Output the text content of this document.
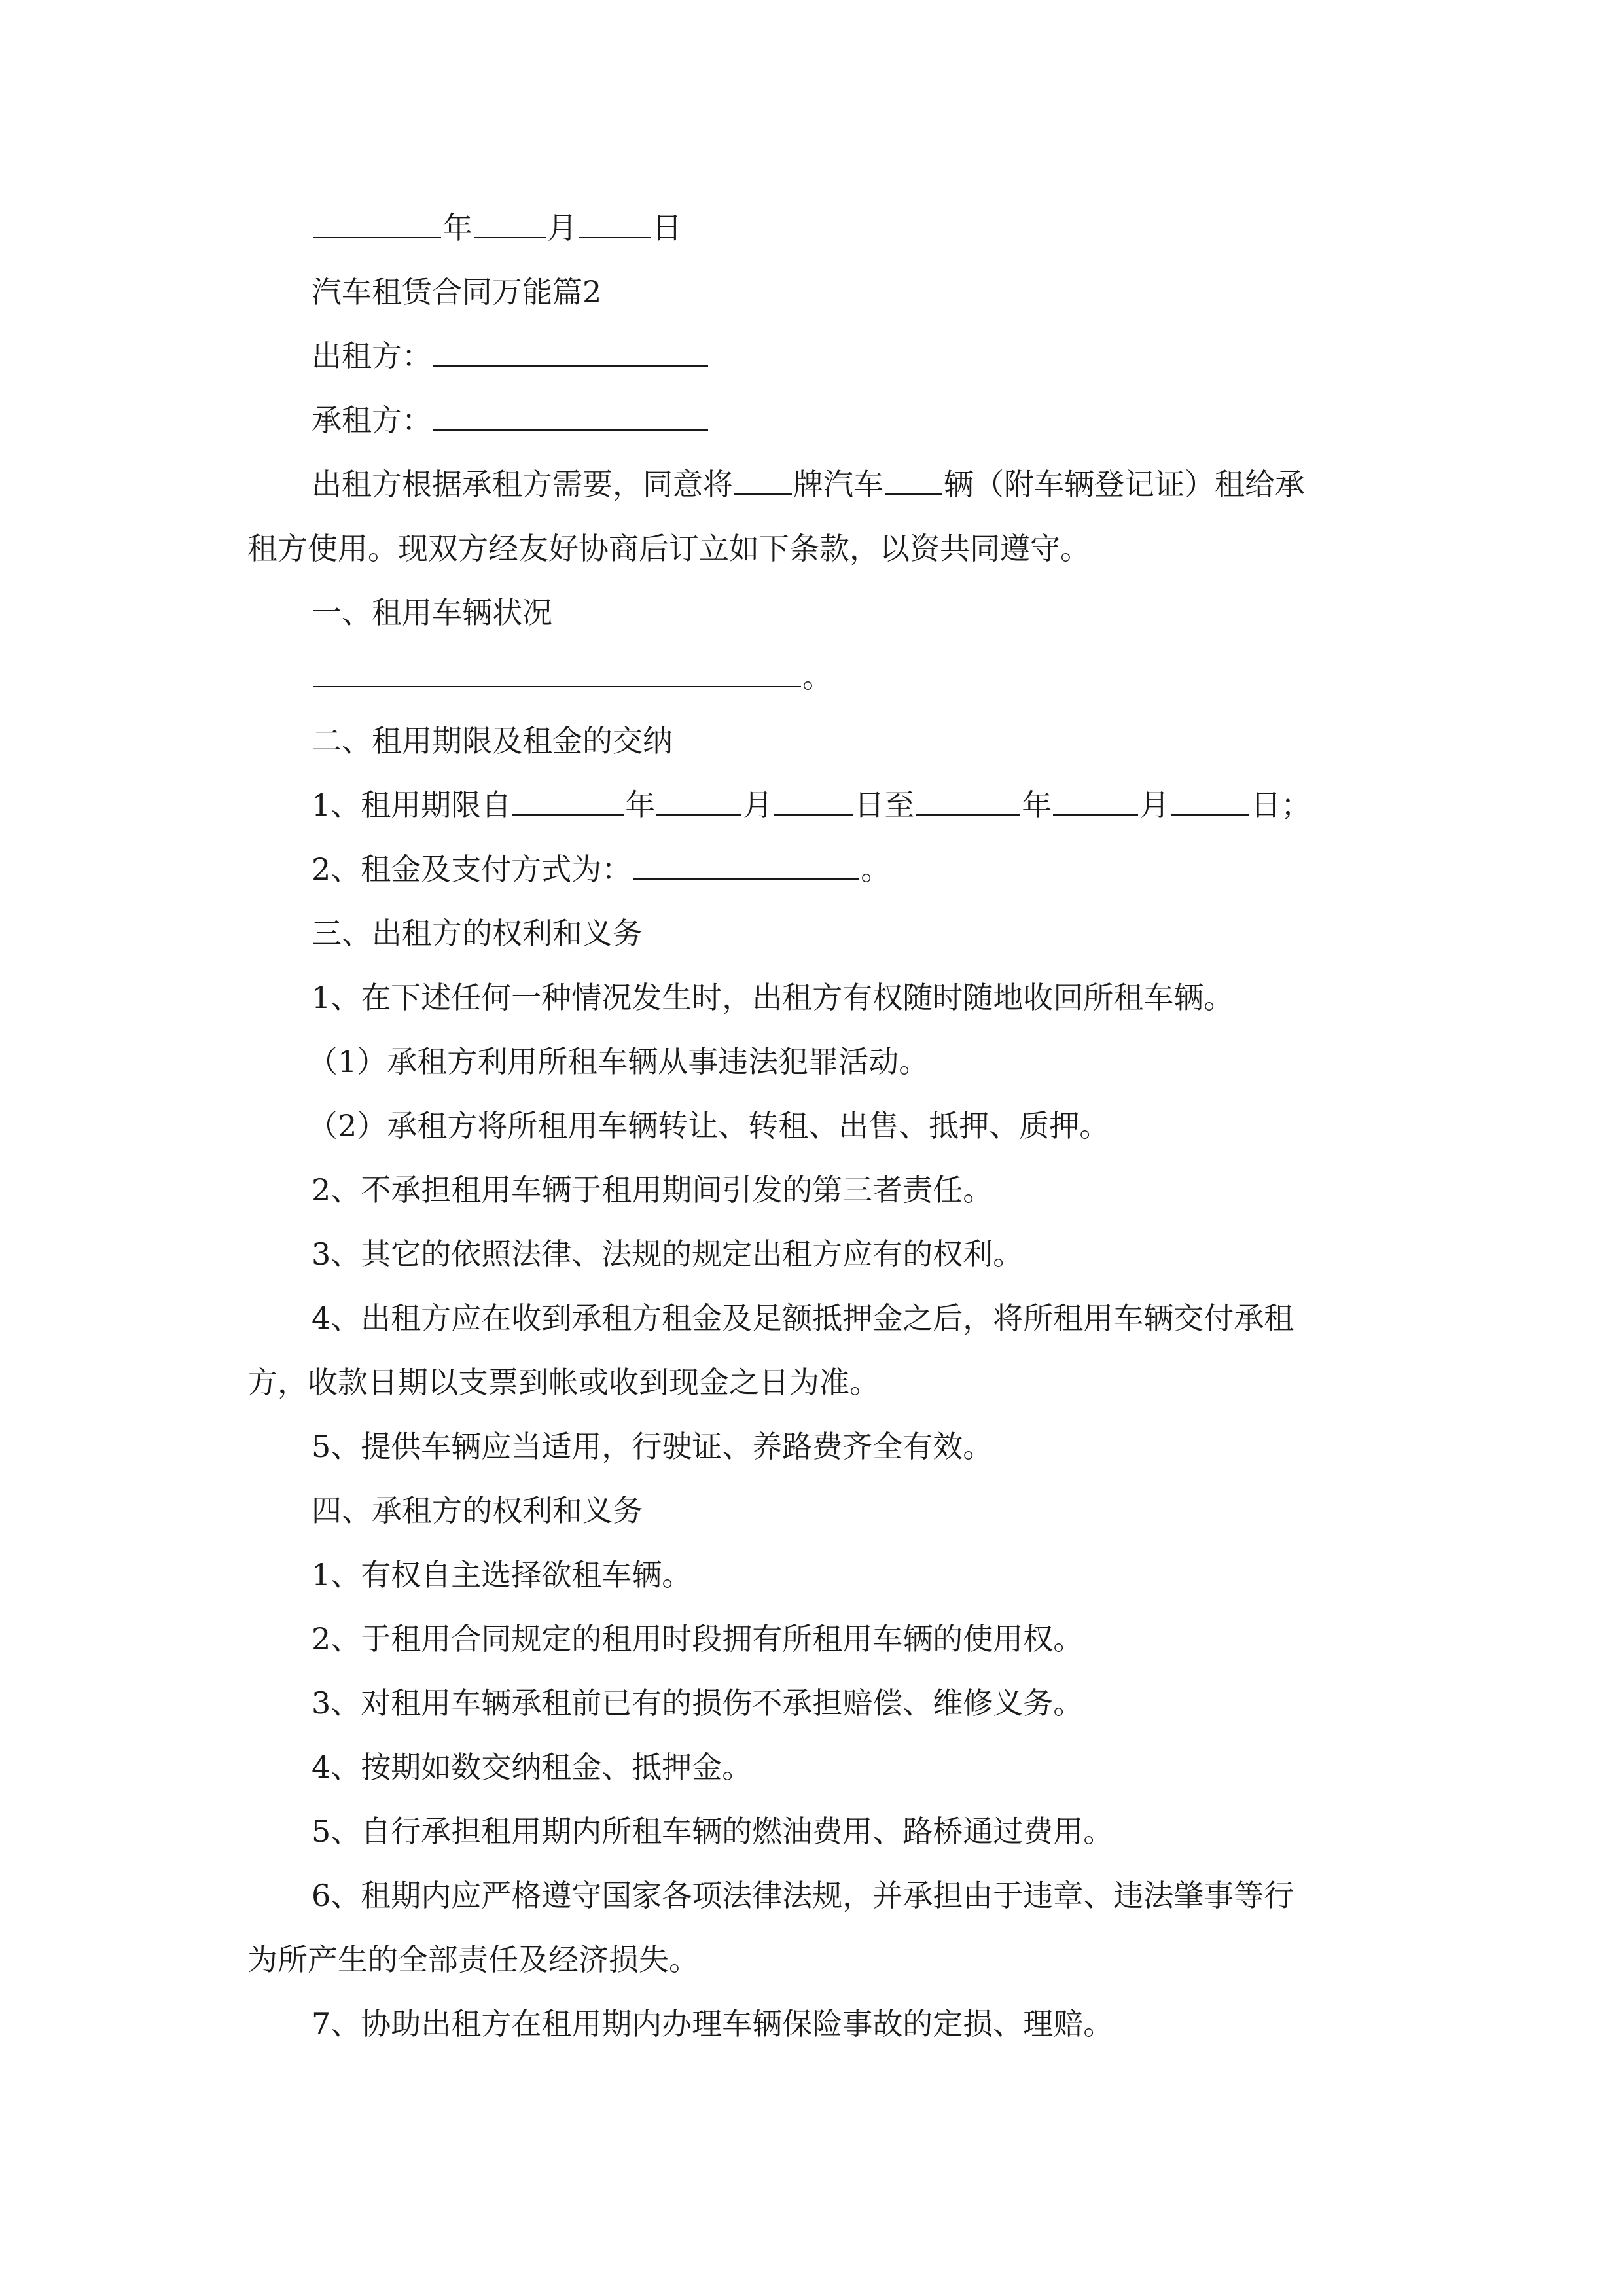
年 月 日
汽车租赁合同万能篇2
出租方：
承租方：
出租方根据承租方需要，同意将 牌汽车 辆（附车辆登记证）租给承
租方使用。现双方经友好协商后订立如下条款，以资共同遵守。
一、租用车辆状况
。
二、租用期限及租金的交纳
1、租用期限自	年	月	日至	年	月	日；
2、租金及支付方式为：	。
三、出租方的权利和义务
1、在下述任何一种情况发生时，出租方有权随时随地收回所租车辆。
（1）承租方利用所租车辆从事违法犯罪活动。
（2）承租方将所租用车辆转让、转租、出售、抵押、质押。
2、不承担租用车辆于租用期间引发的第三者责任。
3、其它的依照法律、法规的规定出租方应有的权利。
4、出租方应在收到承租方租金及足额抵押金之后，将所租用车辆交付承租
方，收款日期以支票到帐或收到现金之日为准。
5、提供车辆应当适用，行驶证、养路费齐全有效。
四、承租方的权利和义务
1、有权自主选择欲租车辆。
2、于租用合同规定的租用时段拥有所租用车辆的使用权。
3、对租用车辆承租前已有的损伤不承担赔偿、维修义务。
4、按期如数交纳租金、抵押金。
5、自行承担租用期内所租车辆的燃油费用、路桥通过费用。
6、租期内应严格遵守国家各项法律法规，并承担由于违章、违法肇事等行
为所产生的全部责任及经济损失。
7、协助出租方在租用期内办理车辆保险事故的定损、理赔。
